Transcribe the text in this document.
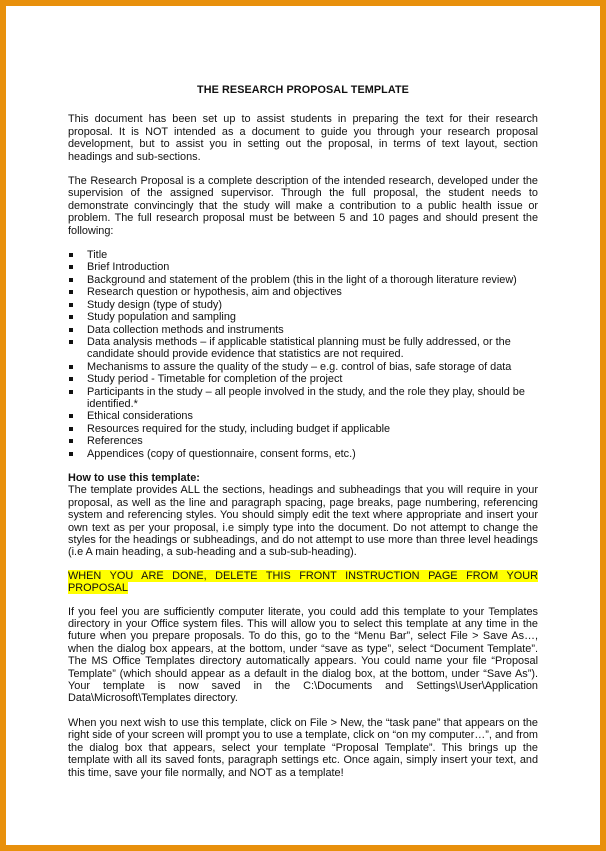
THE RESEARCH PROPOSAL TEMPLATE

This document has been set up to assist students in preparing the text for their research proposal. It is NOT intended as a document to guide you through your research proposal development, but to assist you in setting out the proposal, in terms of text layout, section headings and sub-sections.

The Research Proposal is a complete description of the intended research, developed under the supervision of the assigned supervisor. Through the full proposal, the student needs to demonstrate convincingly that the study will make a contribution to a public health issue or problem. The full research proposal must be between 5 and 10 pages and should present the following:

Title
Brief Introduction
Background and statement of the problem (this in the light of a thorough literature review)
Research question or hypothesis, aim and objectives
Study design (type of study)
Study population and sampling
Data collection methods and instruments
Data analysis methods – if applicable statistical planning must be fully addressed, or the candidate should provide evidence that statistics are not required.
Mechanisms to assure the quality of the study – e.g. control of bias, safe storage of data
Study period - Timetable for completion of the project
Participants in the study – all people involved in the study, and the role they play, should be identified.*
Ethical considerations
Resources required for the study, including budget if applicable
References
Appendices (copy of questionnaire, consent forms, etc.)

How to use this template:

The template provides ALL the sections, headings and subheadings that you will require in your proposal, as well as the line and paragraph spacing, page breaks, page numbering, referencing system and referencing styles. You should simply edit the text where appropriate and insert your own text as per your proposal, i.e simply type into the document. Do not attempt to change the styles for the headings or subheadings, and do not attempt to use more than three level headings (i.e A main heading, a sub-heading and a sub-sub-heading).

WHEN YOU ARE DONE, DELETE THIS FRONT INSTRUCTION PAGE FROM YOUR PROPOSAL

If you feel you are sufficiently computer literate, you could add this template to your Templates directory in your Office system files. This will allow you to select this template at any time in the future when you prepare proposals. To do this, go to the “Menu Bar”, select File > Save As…, when the dialog box appears, at the bottom, under “save as type”, select “Document Template”. The MS Office Templates directory automatically appears. You could name your file “Proposal Template” (which should appear as a default in the dialog box, at the bottom, under “Save As”). Your template is now saved in the C:\Documents and Settings\User\Application Data\Microsoft\Templates directory.

When you next wish to use this template, click on File > New, the “task pane” that appears on the right side of your screen will prompt you to use a template, click on “on my computer…”, and from the dialog box that appears, select your template “Proposal Template”. This brings up the template with all its saved fonts, paragraph settings etc. Once again, simply insert your text, and this time, save your file normally, and NOT as a template!
